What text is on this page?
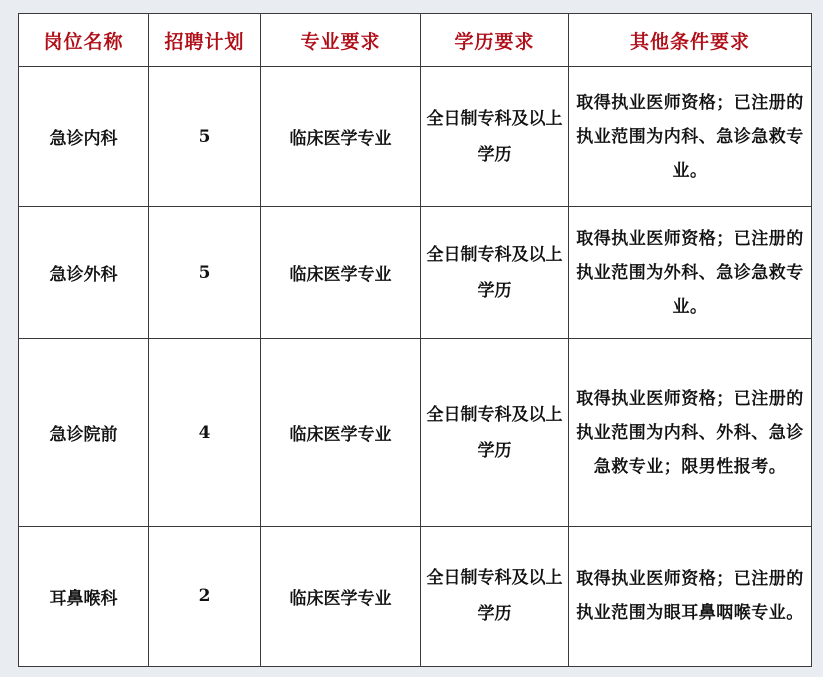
岗位名称	招聘计划	专业要求	学历要求	其他条件要求
急诊内科	5	临床医学专业	全日制专科及以上学历	取得执业医师资格；已注册的执业范围为内科、急诊急救专业。
急诊外科	5	临床医学专业	全日制专科及以上学历	取得执业医师资格；已注册的执业范围为外科、急诊急救专业。
急诊院前	4	临床医学专业	全日制专科及以上学历	取得执业医师资格；已注册的执业范围为内科、外科、急诊急救专业；限男性报考。
耳鼻喉科	2	临床医学专业	全日制专科及以上学历	取得执业医师资格；已注册的执业范围为眼耳鼻咽喉专业。
